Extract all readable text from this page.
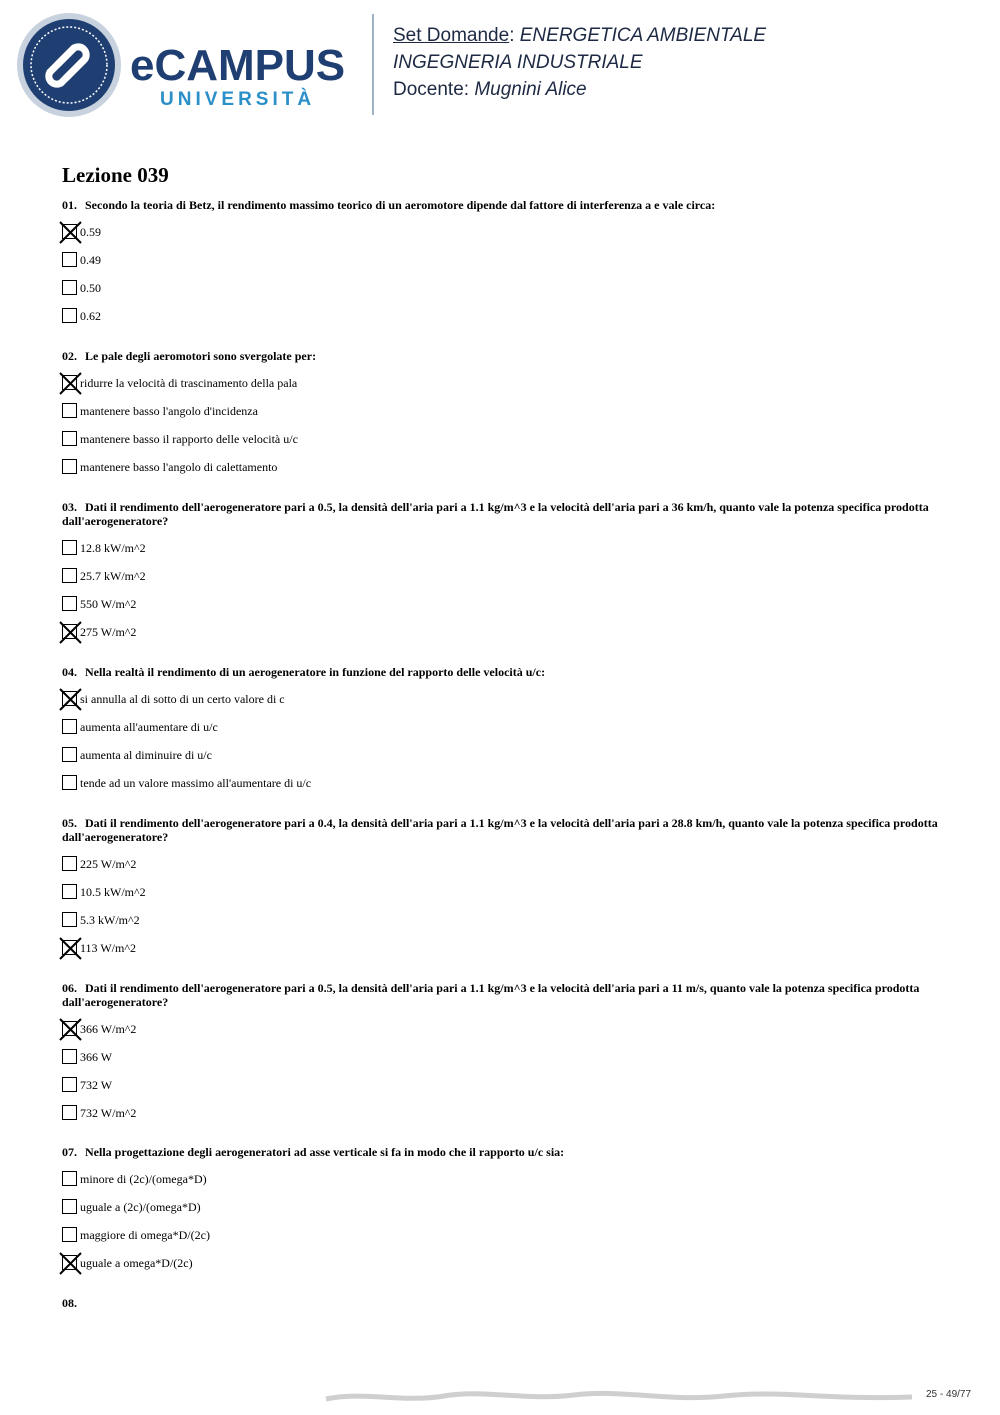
eCAMPUS
UNIVERSITÀ
Set Domande: ENERGETICA AMBIENTALE
INGEGNERIA INDUSTRIALE
Docente: Mugnini Alice
Lezione 039
01. Secondo la teoria di Betz, il rendimento massimo teorico di un aeromotore dipende dal fattore di interferenza a e vale circa:
0.59
0.49
0.50
0.62
02. Le pale degli aeromotori sono svergolate per:
ridurre la velocità di trascinamento della pala
mantenere basso l'angolo d'incidenza
mantenere basso il rapporto delle velocità u/c
mantenere basso l'angolo di calettamento
03. Dati il rendimento dell'aerogeneratore pari a 0.5, la densità dell'aria pari a 1.1 kg/m^3 e la velocità dell'aria pari a 36 km/h, quanto vale la potenza specifica prodotta dall'aerogeneratore?
12.8 kW/m^2
25.7 kW/m^2
550 W/m^2
275 W/m^2
04. Nella realtà il rendimento di un aerogeneratore in funzione del rapporto delle velocità u/c:
si annulla al di sotto di un certo valore di c
aumenta all'aumentare di u/c
aumenta al diminuire di u/c
tende ad un valore massimo all'aumentare di u/c
05. Dati il rendimento dell'aerogeneratore pari a 0.4, la densità dell'aria pari a 1.1 kg/m^3 e la velocità dell'aria pari a 28.8 km/h, quanto vale la potenza specifica prodotta dall'aerogeneratore?
225 W/m^2
10.5 kW/m^2
5.3 kW/m^2
113 W/m^2
06. Dati il rendimento dell'aerogeneratore pari a 0.5, la densità dell'aria pari a 1.1 kg/m^3 e la velocità dell'aria pari a 11 m/s, quanto vale la potenza specifica prodotta dall'aerogeneratore?
366 W/m^2
366 W
732 W
732 W/m^2
07. Nella progettazione degli aerogeneratori ad asse verticale si fa in modo che il rapporto u/c sia:
minore di (2c)/(omega*D)
uguale a (2c)/(omega*D)
maggiore di omega*D/(2c)
uguale a omega*D/(2c)
08.
25 - 49/77
